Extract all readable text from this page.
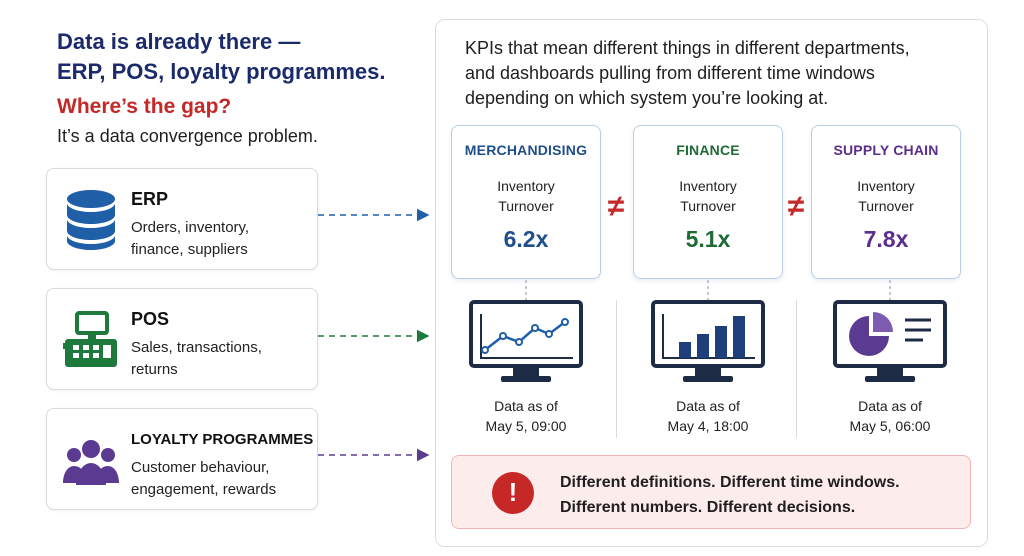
Data is already there —
ERP, POS, loyalty programmes.
Where’s the gap?
It’s a data convergence problem.
ERP
Orders, inventory,
finance, suppliers
POS
Sales, transactions,
returns
LOYALTY PROGRAMMES
Customer behaviour,
engagement, rewards
KPIs that mean different things in different departments,
and dashboards pulling from different time windows
depending on which system you’re looking at.
MERCHANDISING
Inventory
Turnover
6.2x
≠
FINANCE
Inventory
Turnover
5.1x
≠
SUPPLY CHAIN
Inventory
Turnover
7.8x
Data as of
May 5, 09:00
Data as of
May 4, 18:00
Data as of
May 5, 06:00
!	Different definitions. Different time windows.
Different numbers. Different decisions.
